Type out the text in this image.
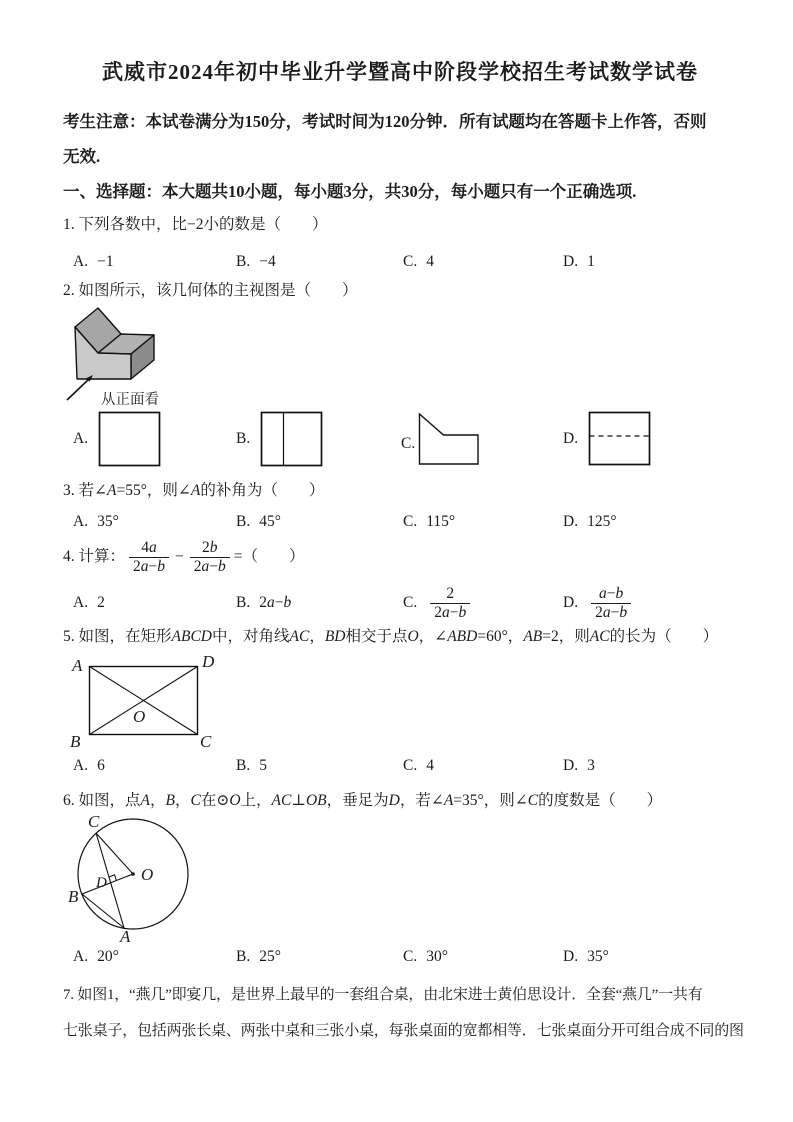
武威市2024年初中毕业升学暨高中阶段学校招生考试数学试卷
考生注意：本试卷满分为150分，考试时间为120分钟．所有试题均在答题卡上作答，否则
无效.
一、选择题：本大题共10小题，每小题3分，共30分，每小题只有一个正确选项.
1. 下列各数中，比−2小的数是（　　）
A. −1	B. −4	C. 4	D. 1
2. 如图所示，该几何体的主视图是（　　）
从正面看
A.	B.	C.	D.
3. 若∠A=55°，则∠A的补角为（　　）
A. 35°	B. 45°	C. 115°	D. 125°
4. 计算： $\frac{4a}{2a-b} - \frac{2b}{2a-b}$ =（　　）
A. 2	B. 2a−b	C. $\frac{2}{2a-b}$	D. $\frac{a-b}{2a-b}$
5. 如图，在矩形ABCD中，对角线AC，BD相交于点O，∠ABD=60°，AB=2，则AC的长为（　　）
A	D
B	C
O
A. 6	B. 5	C. 4	D. 3
6. 如图，点A，B，C在⊙O上，AC⊥OB，垂足为D，若∠A=35°，则∠C的度数是（　　）
C
B
A
O
D
A. 20°	B. 25°	C. 30°	D. 35°
7. 如图1，“燕几”即宴几，是世界上最早的一套组合桌，由北宋进士黄伯思设计．全套“燕几”一共有
七张桌子，包括两张长桌、两张中桌和三张小桌，每张桌面的宽都相等．七张桌面分开可组合成不同的图
